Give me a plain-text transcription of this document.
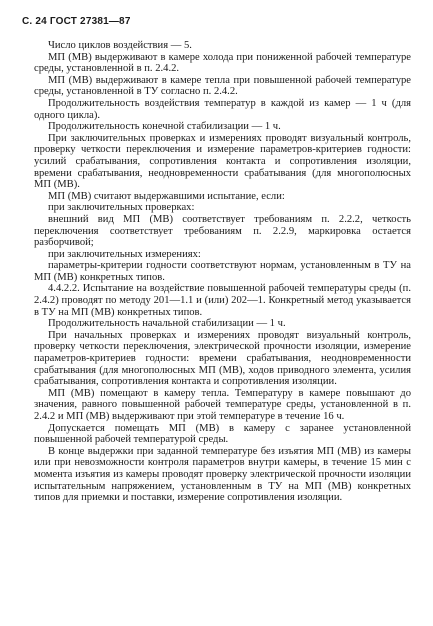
С. 24 ГОСТ 27381—87

Число циклов воздействия — 5.

МП (МВ) выдерживают в камере холода при пониженной рабочей температуре среды, установленной в п. 2.4.2.

МП (МВ) выдерживают в камере тепла при повышенной рабочей температуре среды, установленной в ТУ согласно п. 2.4.2.

Продолжительность воздействия температур в каждой из камер — 1 ч (для одного цикла).

Продолжительность конечной стабилизации — 1 ч.

При заключительных проверках и измерениях проводят визуальный контроль, проверку четкости переключения и измерение параметров-критериев годности: усилий срабатывания, сопротивления контакта и сопротивления изоляции, времени срабатывания, неодновременности срабатывания (для многополюсных МП (МВ).

МП (МВ) считают выдержавшими испытание, если:

при заключительных проверках:

внешний вид МП (МВ) соответствует требованиям п. 2.2.2, четкость переключения соответствует требованиям п. 2.2.9, маркировка остается разборчивой;

при заключительных измерениях:

параметры-критерии годности соответствуют нормам, установленным в ТУ на МП (МВ) конкретных типов.

4.4.2.2. Испытание на воздействие повышенной рабочей температуры среды (п. 2.4.2) проводят по методу 201—1.1 и (или) 202—1. Конкретный метод указывается в ТУ на МП (МВ) конкретных типов.

Продолжительность начальной стабилизации — 1 ч.

При начальных проверках и измерениях проводят визуальный контроль, проверку четкости переключения, электрической прочности изоляции, измерение параметров-критериев годности: времени срабатывания, неодновременности срабатывания (для многополюсных МП (МВ), ходов приводного элемента, усилия срабатывания, сопротивления контакта и сопротивления изоляции.

МП (МВ) помещают в камеру тепла. Температуру в камере повышают до значения, равного повышенной рабочей температуре среды, установленной в п. 2.4.2 и МП (МВ) выдерживают при этой температуре в течение 16 ч.

Допускается помещать МП (МВ) в камеру с заранее установленной повышенной рабочей температурой среды.

В конце выдержки при заданной температуре без изъятия МП (МВ) из камеры или при невозможности контроля параметров внутри камеры, в течение 15 мин с момента изъятия из камеры проводят проверку электрической прочности изоляции испытательным напряжением, установленным в ТУ на МП (МВ) конкретных типов для приемки и поставки, измерение сопротивления изоляции.
